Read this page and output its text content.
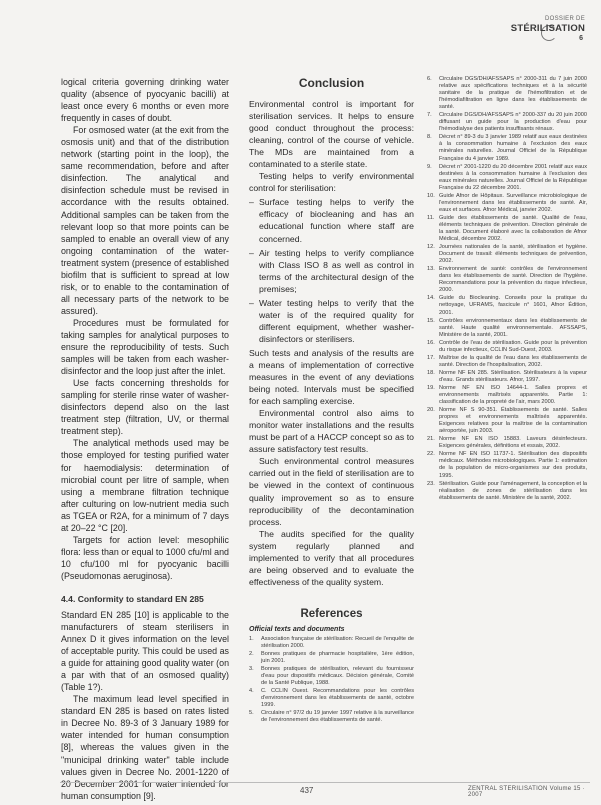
DOSSIER DE
STÉRILISATION
6

logical criteria governing drinking water quality (absence of pyocyanic bacilli) at least once every 6 months or even more frequently in cases of doubt.

For osmosed water (at the exit from the osmosis unit) and that of the distribution network (starting point in the loop), the same recommendation, before and after disinfection. The analytical and disinfection schedule must be revised in accordance with the results obtained. Additional samples can be taken from the relevant loop so that more points can be sampled to enable an overall view of any ongoing contamination of the water-treatment system (presence of established biofilm that is sufficient to spread at low risk, or to enable to the contamination of all necessary parts of the network to be assured).

Procedures must be formulated for taking samples for analytical purposes to ensure the reproducibility of tests. Such samples will be taken from each washer-disinfector and the loop just after the inlet.

Use facts concerning thresholds for sampling for sterile rinse water of washer-disinfectors depend also on the last treatment step (filtration, UV, or thermal treatment step).

The analytical methods used may be those employed for testing purified water for haemodialysis: determination of microbial count per litre of sample, when using a membrane filtration technique after culturing on low-nutrient media such as TGEA or R2A, for a minimum of 7 days at 20–22 °C [20].

Targets for action level: mesophilic flora: less than or equal to 1000 cfu/ml and 10 cfu/100 ml for pyocyanic bacilli (Pseudomonas aeruginosa).

4.4. Conformity to standard EN 285

Standard EN 285 [10] is applicable to the manufacturers of steam sterilisers in Annex D it gives information on the level of acceptable purity. This could be used as a guide for attaining good quality water (on a par with that of an osmosed quality) (Table 1?).

The maximum lead level specified in standard EN 285 is based on rates listed in Decree No. 89-3 of 3 January 1989 for water intended for human consumption [8], whereas the values given in the "municipal drinking water" table include values given in Decree No. 2001-1220 of 20 December 2001 for water intended for human consumption [9].

Conclusion

Environmental control is important for sterilisation services. It helps to ensure good conduct throughout the process: cleaning, control of the course of vehicle. The MDs are maintained from a contaminated to a sterile state.

Testing helps to verify environmental control for sterilisation:

– Surface testing helps to verify the efficacy of biocleaning and has an educational function where staff are concerned.
– Air testing helps to verify compliance with Class ISO 8 as well as control in terms of the architectural design of the premises;
– Water testing helps to verify that the water is of the required quality for different equipment, whether washer-disinfectors or sterilisers.

Such tests and analysis of the results are a means of implementation of corrective measures in the event of any deviations being noted. Intervals must be specified for each sampling exercise.

Environmental control also aims to monitor water installations and the results must be part of a HACCP concept so as to assure satisfactory test results.

Such environmental control measures carried out in the field of sterilisation are to be viewed in the context of continuous quality improvement so as to ensure reproducibility of the decontamination process.

The audits specified for the quality system regularly planned and implemented to verify that all procedures are being observed and to evaluate the effectiveness of the quality system.

References
Official texts and documents
1.	Association française de stérilisation: Recueil de l'enquête de stérilisation 2000.
2.	Bonnes pratiques de pharmacie hospitalière, 1ère édition, juin 2001.
3.	Bonnes pratiques de stérilisation, relevant du fournisseur d'eau pour dispositifs médicaux. Décision générale, Comité de la Santé Publique, 1988.
4.	C. CCLIN Ouest. Recommandations pour les contrôles d'environnement dans les établissements de santé, octobre 1999.
5.	Circulaire n° 97/2 du 19 janvier 1997 relative à la surveillance de l'environnement des établissements de santé.
6.	Circulaire DGS/DH/AFSSAPS n° 2000-311 du 7 juin 2000 relative aux spécifications techniques et à la sécurité sanitaire de la pratique de l'hémofiltration et de l'hémodiafiltration en ligne dans les établissements de santé.
7.	Circulaire DGS/DH/AFSSAPS n° 2000-337 du 20 juin 2000 diffusant un guide pour la production d'eau pour l'hémodialyse des patients insuffisants rénaux.
8.	Décret n° 89-3 du 3 janvier 1989 relatif aux eaux destinées à la consommation humaine à l'exclusion des eaux minérales naturelles. Journal Officiel de la République Française du 4 janvier 1989.
9.	Décret n° 2001-1220 du 20 décembre 2001 relatif aux eaux destinées à la consommation humaine à l'exclusion des eaux minérales naturelles. Journal Officiel de la République Française du 22 décembre 2001.
10. Guide Afnor de Hôpitaux. Surveillance microbiologique de l'environnement dans les établissements de santé. Air, eaux et surfaces. Afnor Médical, janvier 2002.
11. Guide des établissements de santé. Qualité de l'eau, éléments techniques de prévention. Direction générale de la santé. Document élaboré avec la collaboration de Afnor Médical, décembre 2002.
12. Journées nationales de la santé, stérilisation et hygiène. Document de travail: éléments techniques de prévention, 2002.
13. Environnement de santé: contrôles de l'environnement dans les établissements de santé. Direction de l'hygiène. Recommandations pour la prévention du risque infectieux, 2000.
14. Guide du Biocleaning. Conseils pour la pratique du nettoyage, UFRAMS, fascicule n° 1601, Afnor Édition, 2001.
15. Contrôles environnementaux dans les établissements de santé. Haute qualité environnementale. AFSSAPS, Ministère de la santé, 2001.
16. Contrôle de l'eau de stérilisation. Guide pour la prévention du risque infectieux, CCLIN Sud-Ouest, 2003.
17. Maîtrise de la qualité de l'eau dans les établissements de santé. Direction de l'hospitalisation, 2002.
18. Norme NF EN 285. Stérilisation. Stérilisateurs à la vapeur d'eau. Grands stérilisateurs. Afnor, 1997.
19. Norme NF EN ISO 14644-1. Salles propres et environnements maîtrisés apparentés. Partie 1: classification de la propreté de l'air, mars 2000.
20. Norme NF S 90-351. Établissements de santé. Salles propres et environnements maîtrisés apparentés. Exigences relatives pour la maîtrise de la contamination aéroportée, juin 2003.
21. Norme NF EN ISO 15883. Laveurs désinfecteurs. Exigences générales, définitions et essais, 2002.
22. Norme NF EN ISO 11737-1. Stérilisation des dispositifs médicaux. Méthodes microbiologiques. Partie 1: estimation de la population de micro-organismes sur des produits, 1995.
23. Stérilisation. Guide pour l'aménagement, la conception et la réalisation de zones de stérilisation dans les établissements de santé. Ministère de la santé, 2002.
437	ZENTRAL STERILISATION Volume 15 · 2007
